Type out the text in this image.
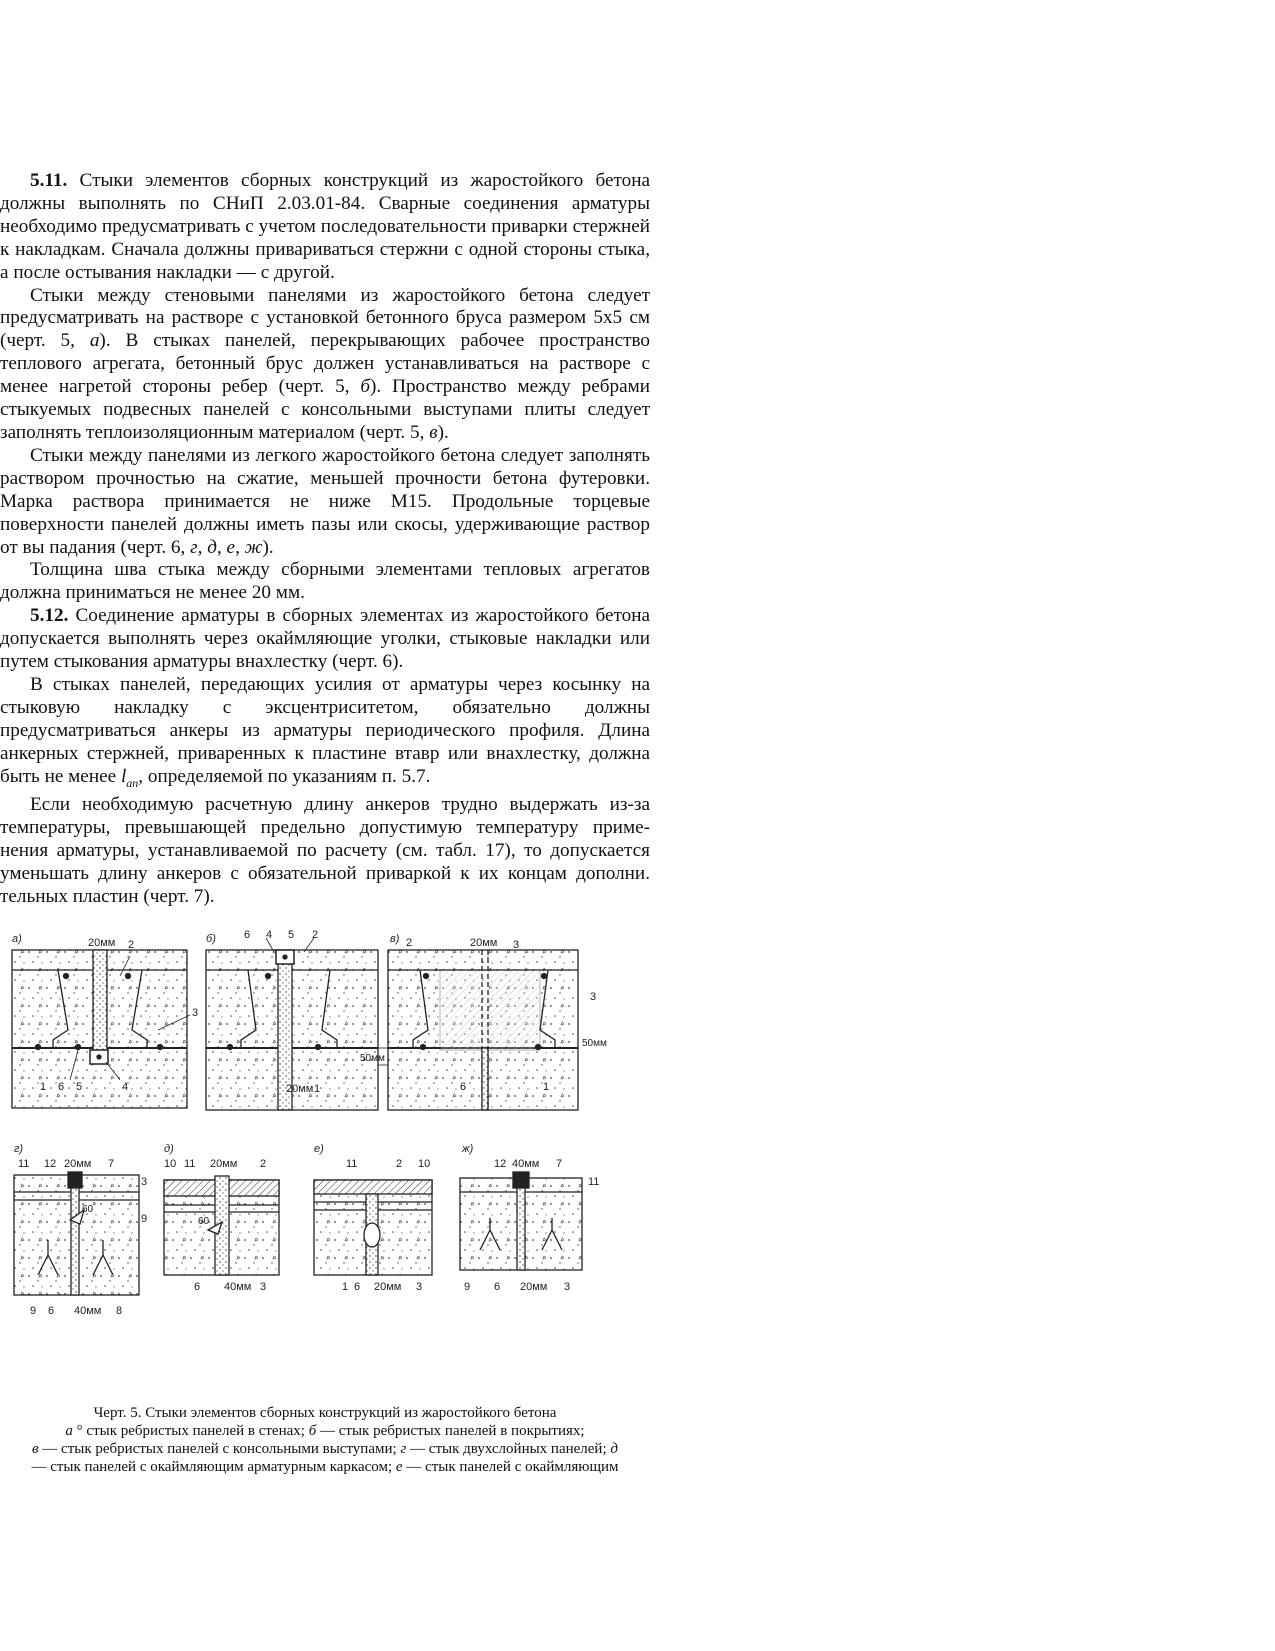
5.11. Стыки элементов сборных конструкций из жаростойкого бетона должны выполнять по СНиП 2.03.01-84. Сварные соединения арматуры необходимо предусматривать с учетом последовательности приварки стержней к накладкам. Сначала должны привариваться стержни с одной стороны стыка, а после остывания накладки — с другой.

Стыки между стеновыми панелями из жаростойкого бетона следует предусматривать на растворе с установкой бетонного бруса размером 5x5 см (черт. 5, а). В стыках панелей, перекрывающих рабочее пространство теплового агрегата, бетонный брус должен устанавливаться на растворе с менее нагретой стороны ребер (черт. 5, б). Пространство между ребрами стыкуемых подвесных панелей с консольными выступами плиты следует заполнять теплоизоляционным материалом (черт. 5, в).

Стыки между панелями из легкого жаростойкого бетона следует заполнять раствором прочностью на сжатие, меньшей прочности бетона футеровки. Марка раствора принимается не ниже М15. Продольные торцевые поверхности панелей должны иметь пазы или скосы, удерживающие раствор от вы падания (черт. 6, г, д, е, ж).

Толщина шва стыка между сборными элементами тепловых агрегатов должна приниматься не менее 20 мм.

5.12. Соединение арматуры в сборных элементах из жаростойкого бетона допускается выполнять через окаймляющие уголки, стыковые накладки или путем стыкования арматуры внахлестку (черт. 6).

В стыках панелей, передающих усилия от арматуры через косынку на стыковую накладку с эксцентриситетом, обязательно должны предусматриваться анкеры из арматуры периодического профиля. Длина анкерных стержней, приваренных к пластине втавр или внахлестку, должна быть не менее $l_{an}$, определяемой по указаниям п. 5.7.

Если необходимую расчетную длину анкеров трудно выдержать из-за температуры, превышающей предельно допустимую температуру приме- нения арматуры, устанавливаемой по расчету (см. табл. 17), то допускается уменьшать длину анкеров с обязательной приваркой к их концам дополни. тельных пластин (черт. 7).

а)	20мм 2
3
1 6 5	4
б)	6 4 5 2
1
20мм
50мм
в)	20мм
2	3
3
6	1
50мм
г)
11 12 20мм 7
3
60
9
9 6 40мм 8
д)
10 11 20мм 2
60
6 40мм 3
е)
11	2 10
1 6 20мм 3
ж)
12 40мм 7
11
9 6 20мм 3

Черт. 5. Стыки элементов сборных конструкций из жаростойкого бетона

а ° стык ребристых панелей в стенах; б — стык ребристых панелей в покрытиях;

в — стык ребристых панелей с консольными выступами; г — стык двухслойных панелей; д

— стык панелей с окаймляющим арматурным каркасом; е — стык панелей с окаймляющим
